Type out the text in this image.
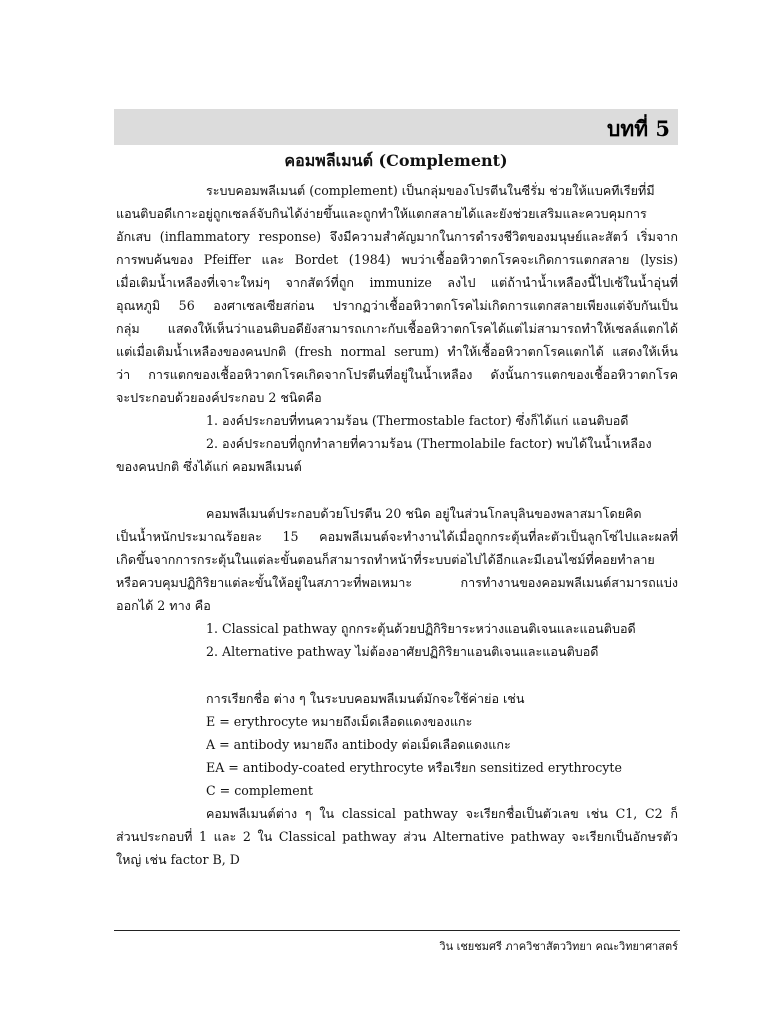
บทที่ 5
คอมพลีเมนต์ (Complement)
ระบบคอมพลีเมนต์ (complement) เป็นกลุ่มของโปรตีนในซีรั่ม ช่วยให้แบคทีเรียที่มี
แอนติบอดีเกาะอยู่ถูกเซลล์จับกินได้ง่ายขึ้นและถูกทำให้แตกสลายได้และยังช่วยเสริมและควบคุมการ
อักเสบ (inflammatory response) จึงมีความสำคัญมากในการดำรงชีวิตของมนุษย์และสัตว์ เริ่มจาก
การพบค้นของ Pfeiffer และ Bordet (1984) พบว่าเชื้ออหิวาตกโรคจะเกิดการแตกสลาย (lysis)
เมื่อเติมน้ำเหลืองที่เจาะใหม่ๆ จากสัตว์ที่ถูก immunize ลงไป แต่ถ้านำน้ำเหลืองนี้ไปเซ้ในน้ำอุ่นที่
อุณหภูมิ 56 องศาเซลเซียสก่อน ปรากฏว่าเชื้ออหิวาตกโรคไม่เกิดการแตกสลายเพียงแต่จับกันเป็น
กลุ่ม แสดงให้เห็นว่าแอนติบอดียังสามารถเกาะกับเชื้ออหิวาตกโรคได้แต่ไม่สามารถทำให้เซลล์แตกได้
แต่เมื่อเติมน้ำเหลืองของคนปกติ (fresh normal serum) ทำให้เชื้ออหิวาตกโรคแตกได้ แสดงให้เห็น
ว่า การแตกของเชื้ออหิวาตกโรคเกิดจากโปรตีนที่อยู่ในน้ำเหลือง ดังนั้นการแตกของเชื้ออหิวาตกโรค
จะประกอบด้วยองค์ประกอบ 2 ชนิดคือ
1. องค์ประกอบที่ทนความร้อน (Thermostable factor) ซึ่งก็ได้แก่ แอนติบอดี
2. องค์ประกอบที่ถูกทำลายที่ความร้อน (Thermolabile factor) พบได้ในน้ำเหลือง
ของคนปกติ ซึ่งได้แก่ คอมพลีเมนต์
คอมพลีเมนต์ประกอบด้วยโปรตีน 20 ชนิด อยู่ในส่วนโกลบุลินของพลาสมาโดยคิด
เป็นน้ำหนักประมาณร้อยละ 15 คอมพลีเมนต์จะทำงานได้เมื่อถูกกระตุ้นที่ละตัวเป็นลูกโซ่ไปและผลที่
เกิดขึ้นจากการกระตุ้นในแต่ละขั้นตอนก็สามารถทำหน้าที่ระบบต่อไปได้อีกและมีเอนไซม์ที่คอยทำลาย
หรือควบคุมปฏิกิริยาแต่ละขั้นให้อยู่ในสภาวะที่พอเหมาะ การทำงานของคอมพลีเมนต์สามารถแบ่ง
ออกได้ 2 ทาง คือ
1. Classical pathway ถูกกระตุ้นด้วยปฏิกิริยาระหว่างแอนติเจนและแอนติบอดี
2. Alternative pathway ไม่ต้องอาศัยปฏิกิริยาแอนติเจนและแอนติบอดี
การเรียกชื่อ ต่าง ๆ ในระบบคอมพลีเมนต์มักจะใช้ค่าย่อ เช่น
E = erythrocyte หมายถึงเม็ดเลือดแดงของแกะ
A = antibody หมายถึง antibody ต่อเม็ดเลือดแดงแกะ
EA = antibody-coated erythrocyte หรือเรียก sensitized erythrocyte
C = complement
คอมพลีเมนต์ต่าง ๆ ใน classical pathway จะเรียกชื่อเป็นตัวเลข เช่น C1, C2 ก็
ส่วนประกอบที่ 1 และ 2 ใน Classical pathway ส่วน Alternative pathway จะเรียกเป็นอักษรตัว
ใหญ่ เช่น factor B, D
วิน เชยชมศรี ภาควิชาสัตววิทยา คณะวิทยาศาสตร์
